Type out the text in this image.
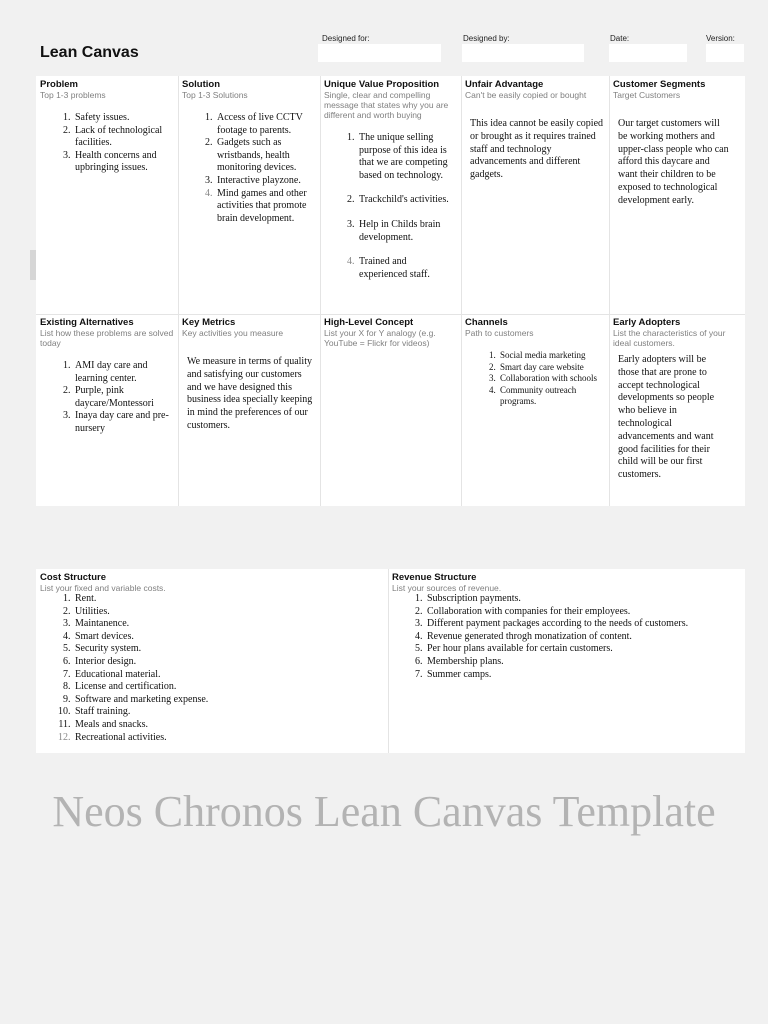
Lean Canvas
Designed for:	Designed by:	Date:	Version:
Problem
Top 1-3 problems
1. Safety issues.
2. Lack of technological facilities.
3. Health concerns and upbringing issues.
Solution
Top 1-3 Solutions
1. Access of live CCTV footage to parents.
2. Gadgets such as wristbands, health monitoring devices.
3. Interactive playzone.
4. Mind games and other activities that promote brain development.
Unique Value Proposition
Single, clear and compelling message that states why you are different and worth buying
1. The unique selling purpose of this idea is that we are competing based on technology.
2. Trackchild's activities.
3. Help in Childs brain development.
4. Trained and experienced staff.
Unfair Advantage
Can't be easily copied or bought
This idea cannot be easily copied or brought as it requires trained staff and technology advancements and different gadgets.
Customer Segments
Target Customers
Our target customers will be working mothers and upper-class people who can afford this daycare and want their children to be exposed to technological development early.
Existing Alternatives
List how these problems are solved today
1. AMI day care and learning center.
2. Purple, pink daycare/Montessori
3. Inaya day care and pre-nursery
Key Metrics
Key activities you measure
We measure in terms of quality and satisfying our customers and we have designed this business idea specially keeping in mind the preferences of our customers.
High-Level Concept
List your X for Y analogy (e.g. YouTube = Flickr for videos)
Channels
Path to customers
1. Social media marketing
2. Smart day care website
3. Collaboration with schools
4. Community outreach programs.
Early Adopters
List the characteristics of your ideal customers.
Early adopters will be those that are prone to accept technological developments so people who believe in technological advancements and want good facilities for their child will be our first customers.
Cost Structure
List your fixed and variable costs.
1. Rent.
2. Utilities.
3. Maintanence.
4. Smart devices.
5. Security system.
6. Interior design.
7. Educational material.
8. License and certification.
9. Software and marketing expense.
10. Staff training.
11. Meals and snacks.
12. Recreational activities.
Revenue Structure
List your sources of revenue.
1. Subscription payments.
2. Collaboration with companies for their employees.
3. Different payment packages according to the needs of customers.
4. Revenue generated throgh monatization of content.
5. Per hour plans available for certain customers.
6. Membership plans.
7. Summer camps.
Neos Chronos Lean Canvas Template
